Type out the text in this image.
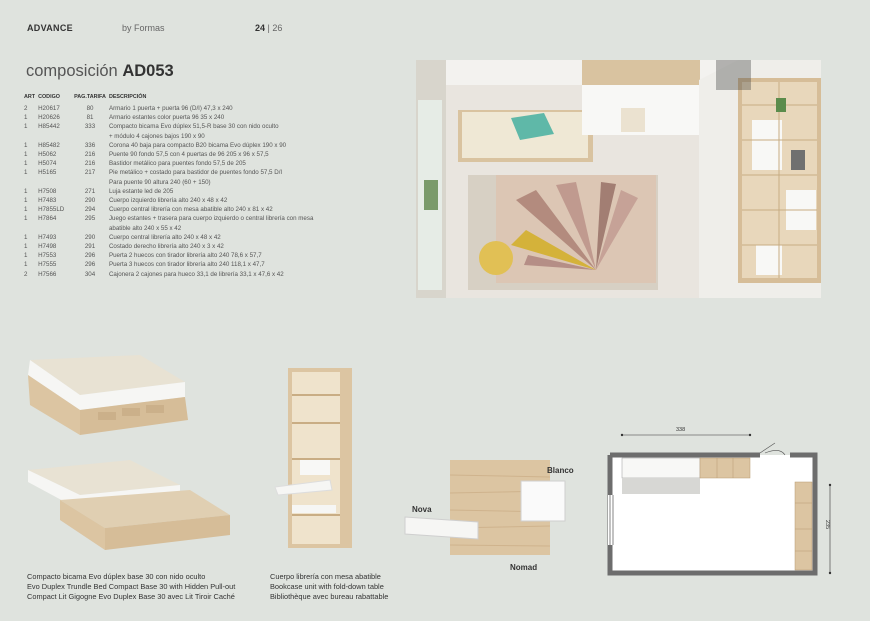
ADVANCE	by Formas	24 | 26
composición AD053
ART	CODIGO	PAG.TARIFA	DESCRIPCIÓN
2	H20617	80	Armario 1 puerta + puerta 96 (D/I) 47,3 x 240
1	H20626	81	Armario estantes color puerta 96 35 x 240
1	H85442	333	Compacto bicama Evo dúplex 51,5-R base 30 con nido oculto
			+ módulo 4 cajones bajos 190 x 90
1	H85482	336	Corona 40 baja para compacto B20 bicama Evo dúplex 190 x 90
1	H5062	216	Puente 90 fondo 57,5 con 4 puertas de 96 205 x 96 x 57,5
1	H5074	216	Bastidor metálico para puentes fondo 57,5 de 205
1	H5165	217	Pie metálico + costado para bastidor de puentes fondo 57,5 D/I
			Para puente 90 altura 240 (60 + 150)
1	H7508	271	Luja estante led de 205
1	H7483	290	Cuerpo izquierdo librería alto 240 x 48 x 42
1	H7855LD	294	Cuerpo central librería con mesa abatible alto 240 x 81 x 42
1	H7864	295	Juego estantes + trasera para cuerpo izquierdo o central librería con mesa
			abatible alto 240 x 55 x 42
1	H7493	290	Cuerpo central librería alto 240 x 48 x 42
1	H7498	291	Costado derecho librería alto 240 x 3 x 42
1	H7553	296	Puerta 2 huecos con tirador librería alto 240 78,6 x 57,7
1	H7555	296	Puerta 3 huecos con tirador librería alto 240 118,1 x 47,7
2	H7566	304	Cajonera 2 cajones para hueco 33,1 de librería 33,1 x 47,6 x 42
Compacto bicama Evo dúplex base 30 con nido oculto
Evo Duplex Trundle Bed Compact Base 30 with Hidden Pull-out
Compact Lit Gigogne Evo Duplex Base 30 avec Lit Tiroir Caché
Cuerpo librería con mesa abatible
Bookcase unit with fold-down table
Bibliothèque avec bureau rabattable
Blanco
Nova
Nomad
338
235
